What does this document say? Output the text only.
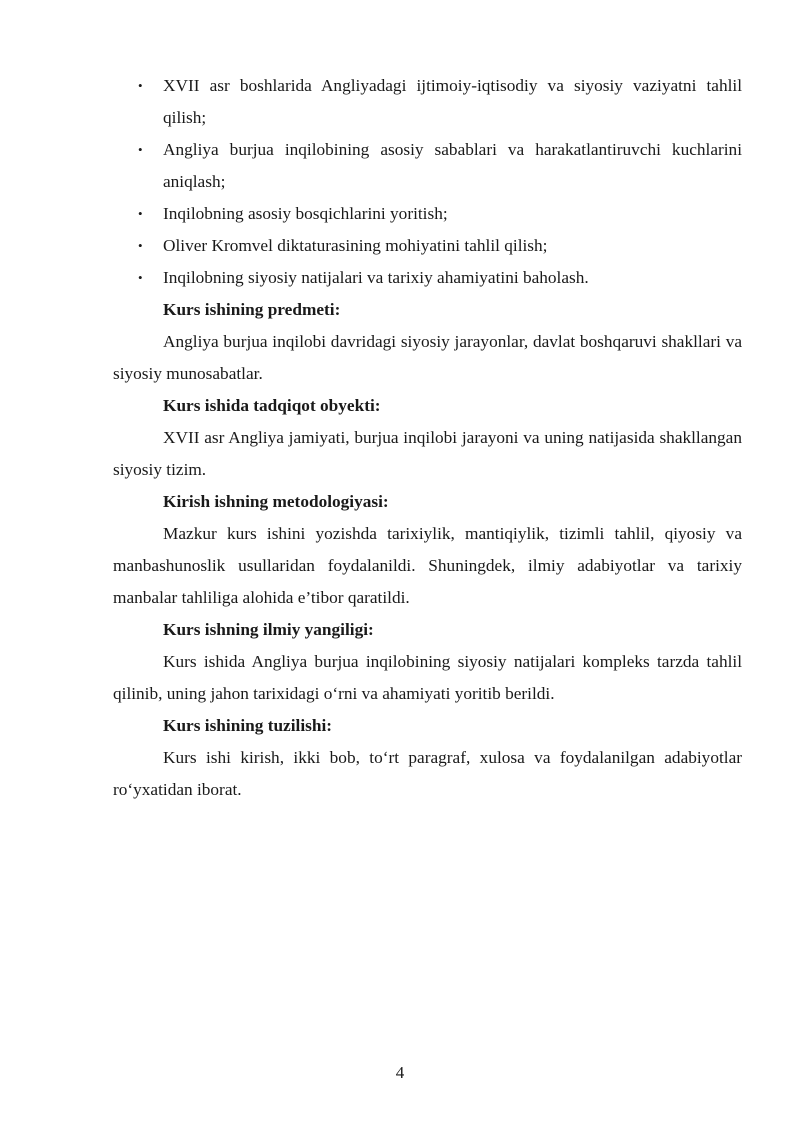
• XVII asr boshlarida Angliyadagi ijtimoiy-iqtisodiy va siyosiy vaziyatni tahlil qilish;
• Angliya burjua inqilobining asosiy sabablari va harakatlantiruvchi kuchlarini aniqlash;
• Inqilobning asosiy bosqichlarini yoritish;
• Oliver Kromvel diktaturasining mohiyatini tahlil qilish;
• Inqilobning siyosiy natijalari va tarixiy ahamiyatini baholash.

Kurs ishining predmeti:

Angliya burjua inqilobi davridagi siyosiy jarayonlar, davlat boshqaruvi shakllari va siyosiy munosabatlar.

Kurs ishida tadqiqot obyekti:

XVII asr Angliya jamiyati, burjua inqilobi jarayoni va uning natijasida shakllangan siyosiy tizim.

Kirish ishning metodologiyasi:

Mazkur kurs ishini yozishda tarixiylik, mantiqiylik, tizimli tahlil, qiyosiy va manbashunoslik usullaridan foydalanildi. Shuningdek, ilmiy adabiyotlar va tarixiy manbalar tahliliga alohida e’tibor qaratildi.

Kurs ishning ilmiy yangiligi:

Kurs ishida Angliya burjua inqilobining siyosiy natijalari kompleks tarzda tahlil qilinib, uning jahon tarixidagi o‘rni va ahamiyati yoritib berildi.

Kurs ishining tuzilishi:

Kurs ishi kirish, ikki bob, to‘rt paragraf, xulosa va foydalanilgan adabiyotlar ro‘yxatidan iborat.

4
